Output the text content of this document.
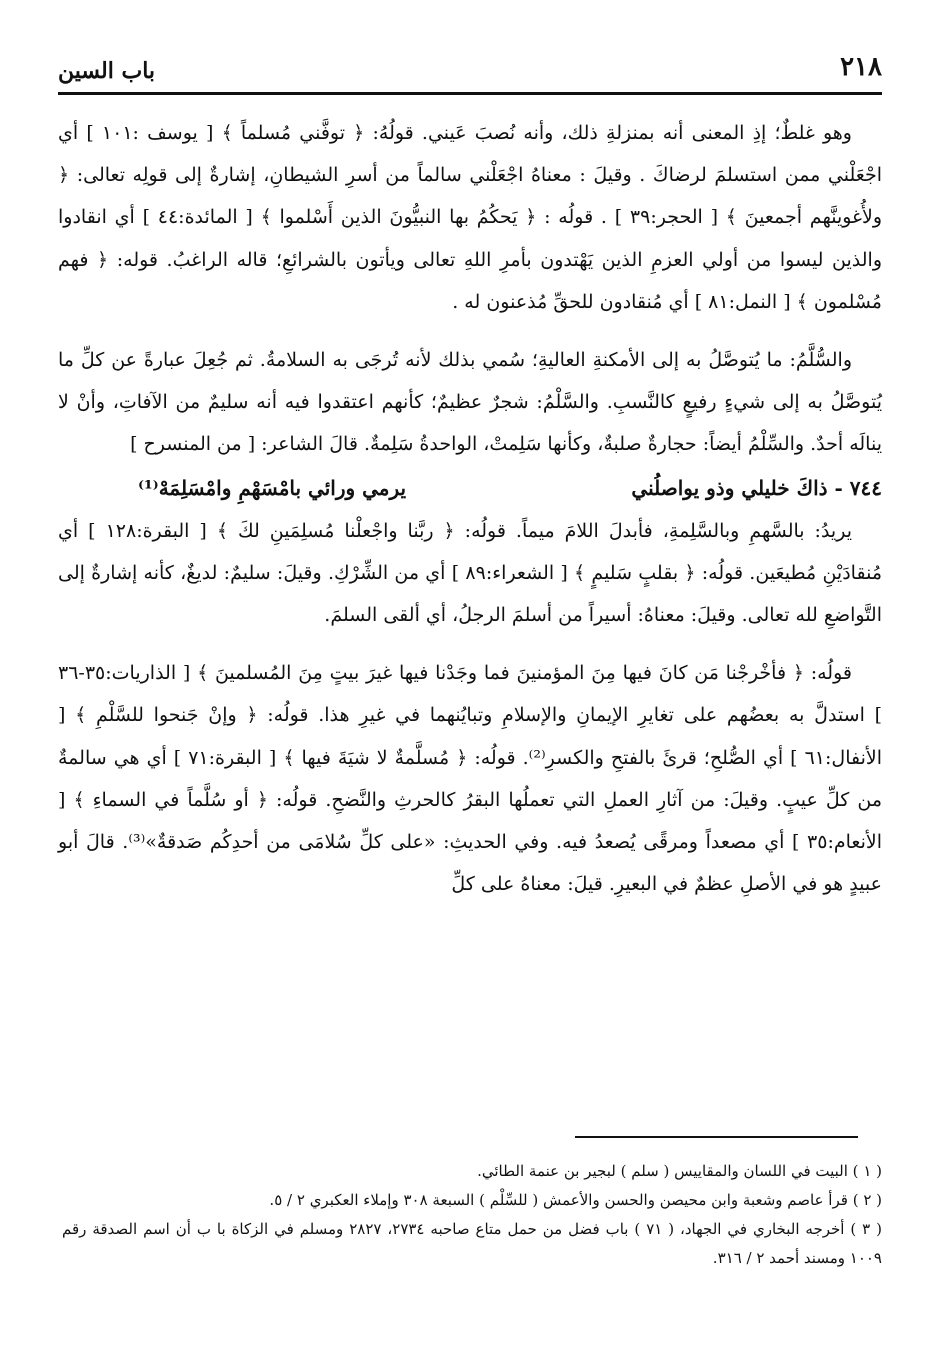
٢١٨
باب السين

وهو غلطٌ؛ إذِ المعنى أنه بمنزلةِ ذلك، وأنه نُصبَ عَيني. قولُهُ: ﴿ توفَّني مُسلماً ﴾ [ يوسف :١٠١ ] أي اجْعَلْني ممن استسلمَ لرضاكَ . وقيلَ : معناهُ اجْعَلْني سالماً من أسرِ الشيطانِ، إشارةٌ إلى قولِه تعالى: ﴿ ولأُغوينَّهم أجمعينَ ﴾ [ الحجر:٣٩ ] . قولُه : ﴿ يَحكُمُ بها النبيُّونَ الذين أَسْلموا ﴾ [ المائدة:٤٤ ] أي انقادوا والذين ليسوا من أولي العزمِ الذين يَهْتدون بأمرِ اللهِ تعالى ويأتون بالشرائعِ؛ قاله الراغبُ. قوله: ﴿ فهم مُسْلمون ﴾ [ النمل:٨١ ] أي مُنقادون للحقِّ مُذعنون له .

والسُّلَّمُ: ما يُتوصَّلُ به إلى الأمكنةِ العاليةِ؛ سُمي بذلك لأنه تُرجَى به السلامةُ. ثم جُعِلَ عبارةً عن كلِّ ما يُتوصَّلُ به إلى شيءٍ رفيعٍ كالنَّسبِ. والسَّلْمُ: شجرٌ عظيمٌ؛ كأنهم اعتقدوا فيه أنه سليمٌ من الآفاتِ، وأنْ لا ينالَه أحدٌ. والسِّلْمُ أيضاً: حجارةٌ صلبةٌ، وكأنها سَلِمتْ، الواحدةُ سَلِمةٌ. قالَ الشاعر: [ من المنسرح ]

٧٤٤ - ذاكَ خليلي وذو يواصلُني
يرمي ورائي بامْسَهْمِ وامْسَلِمَهْ⁽¹⁾

يريدُ: بالسَّهمِ وبالسَّلِمةِ، فأبدلَ اللامَ ميماً. قولُه: ﴿ ربَّنا واجْعلْنا مُسلِمَينِ لكَ ﴾ [ البقرة:١٢٨ ] أي مُنقادَيْنِ مُطيعَين. قولُه: ﴿ بقلبٍ سَليمٍ ﴾ [ الشعراء:٨٩ ] أي من الشِّرْكِ. وقيلَ: سليمٌ: لديغٌ، كأنه إشارةٌ إلى التَّواضعِ لله تعالى. وقيلَ: معناهُ: أسيراً من أسلمَ الرجلُ، أي ألقى السلمَ.

قولُه: ﴿ فأخْرجْنا مَن كانَ فيها مِنَ المؤمنينَ فما وجَدْنا فيها غيرَ بيتٍ مِنَ المُسلمينَ ﴾ [ الذاريات:٣٥-٣٦ ] استدلَّ به بعضُهم على تغايرِ الإيمانِ والإسلامِ وتبايُنهما في غيرِ هذا. قولُه: ﴿ وإنْ جَنحوا للسَّلْمِ ﴾ [ الأنفال:٦١ ] أي الصُّلحِ؛ قرئَ بالفتحِ والكسرِ⁽²⁾. قولُه: ﴿ مُسلَّمةٌ لا شيَةَ فيها ﴾ [ البقرة:٧١ ] أي هي سالمةٌ من كلِّ عيبٍ. وقيلَ: من آثارِ العملِ التي تعملُها البقرُ كالحرثِ والنَّضحِ. قولُه: ﴿ أو سُلَّماً في السماءِ ﴾ [ الأنعام:٣٥ ] أي مصعداً ومرقًى يُصعدُ فيه. وفي الحديثِ: «على كلِّ سُلامَى من أحدِكُم صَدقةٌ»⁽³⁾. قالَ أبو عبيدٍ هو في الأصلِ عظمٌ في البعيرِ. قيلَ: معناهُ على كلِّ

( ١ ) البيت في اللسان والمقاييس ( سلم ) لبجير بن عنمة الطائي.

( ٢ ) قرأ عاصم وشعبة وابن محيصن والحسن والأعمش ( للسِّلْم ) السبعة ٣٠٨ وإملاء العكبري ٢ / ٥.

( ٣ ) أخرجه البخاري في الجهاد، ( ٧١ ) باب فضل من حمل متاع صاحبه ٢٧٣٤، ٢٨٢٧ ومسلم في الزكاة با ب أن اسم الصدقة رقم ١٠٠٩ ومسند أحمد ٢ / ٣١٦.
